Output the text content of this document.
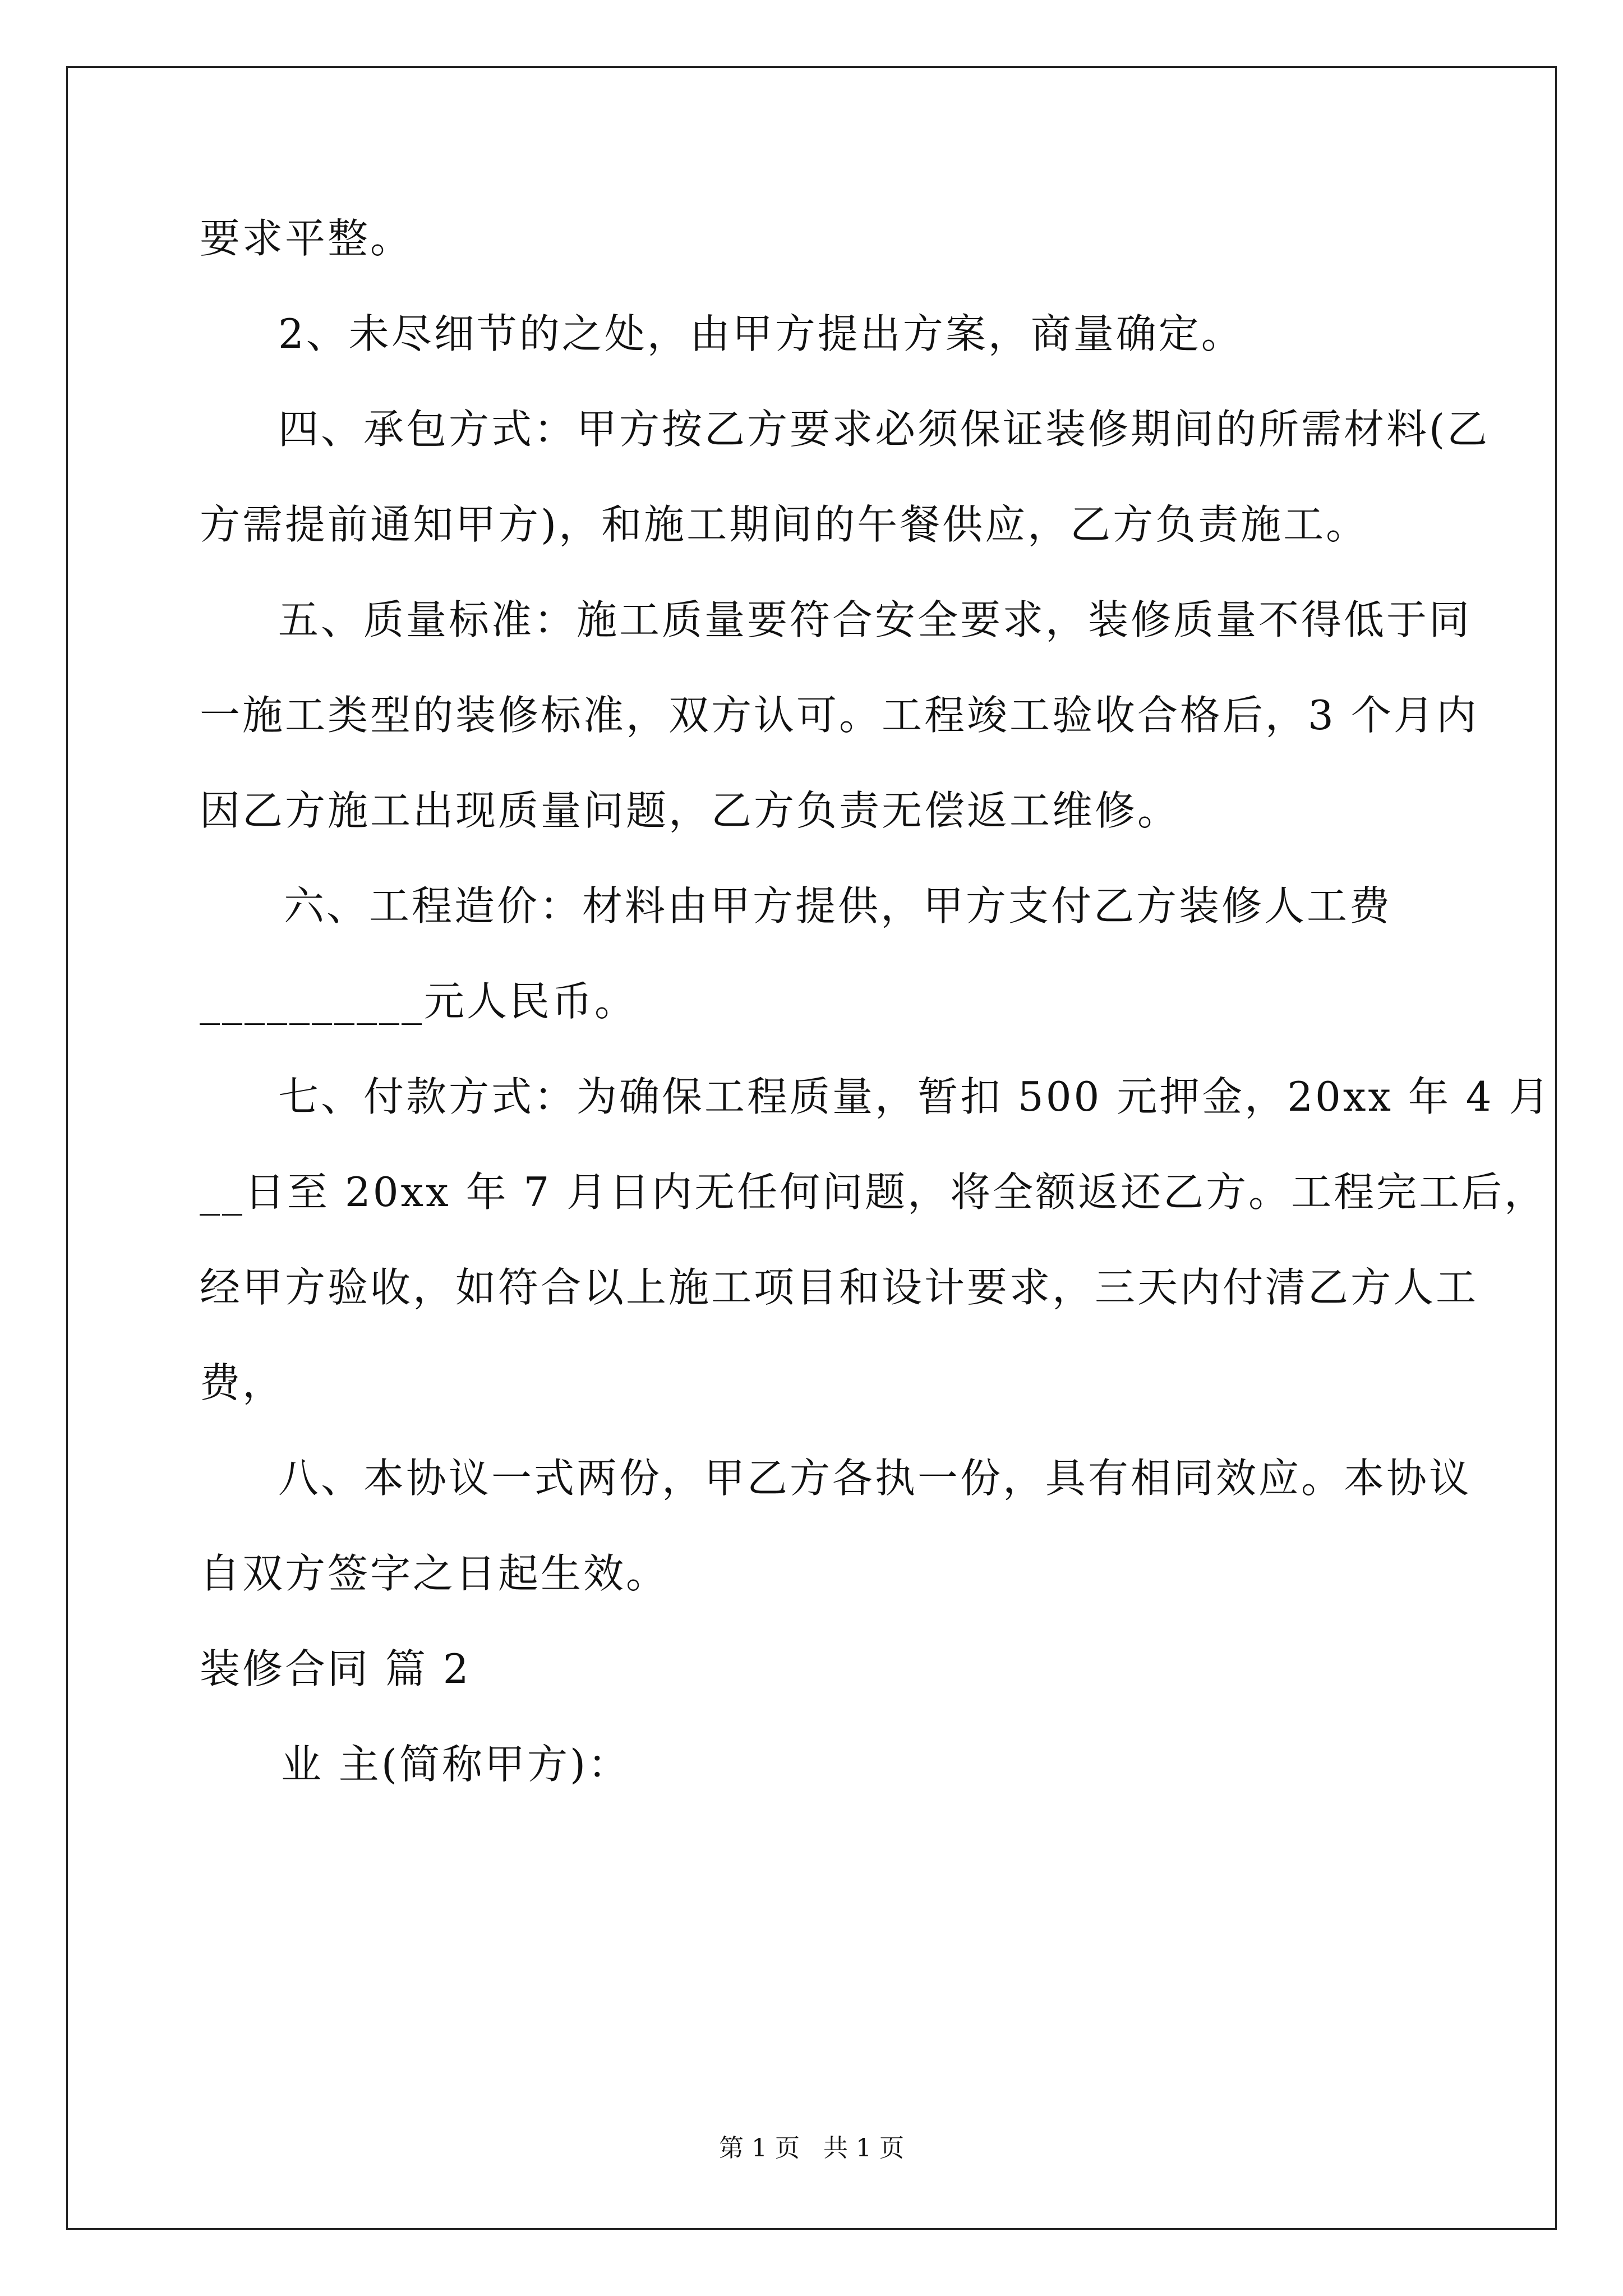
要求平整。
2、未尽细节的之处，由甲方提出方案，商量确定。
四、承包方式：甲方按乙方要求必须保证装修期间的所需材料(乙
方需提前通知甲方)，和施工期间的午餐供应，乙方负责施工。
五、质量标准：施工质量要符合安全要求，装修质量不得低于同
一施工类型的装修标准，双方认可。工程竣工验收合格后，3 个月内
因乙方施工出现质量问题，乙方负责无偿返工维修。
六、工程造价：材料由甲方提供，甲方支付乙方装修人工费
__________元人民币。
七、付款方式：为确保工程质量，暂扣 500 元押金，20xx 年 4 月
__日至 20xx 年 7 月日内无任何问题，将全额返还乙方。工程完工后，
经甲方验收，如符合以上施工项目和设计要求，三天内付清乙方人工
费，
八、本协议一式两份，甲乙方各执一份，具有相同效应。本协议
自双方签字之日起生效。
装修合同 篇 2
业 主(简称甲方)：
第 1 页   共 1 页
